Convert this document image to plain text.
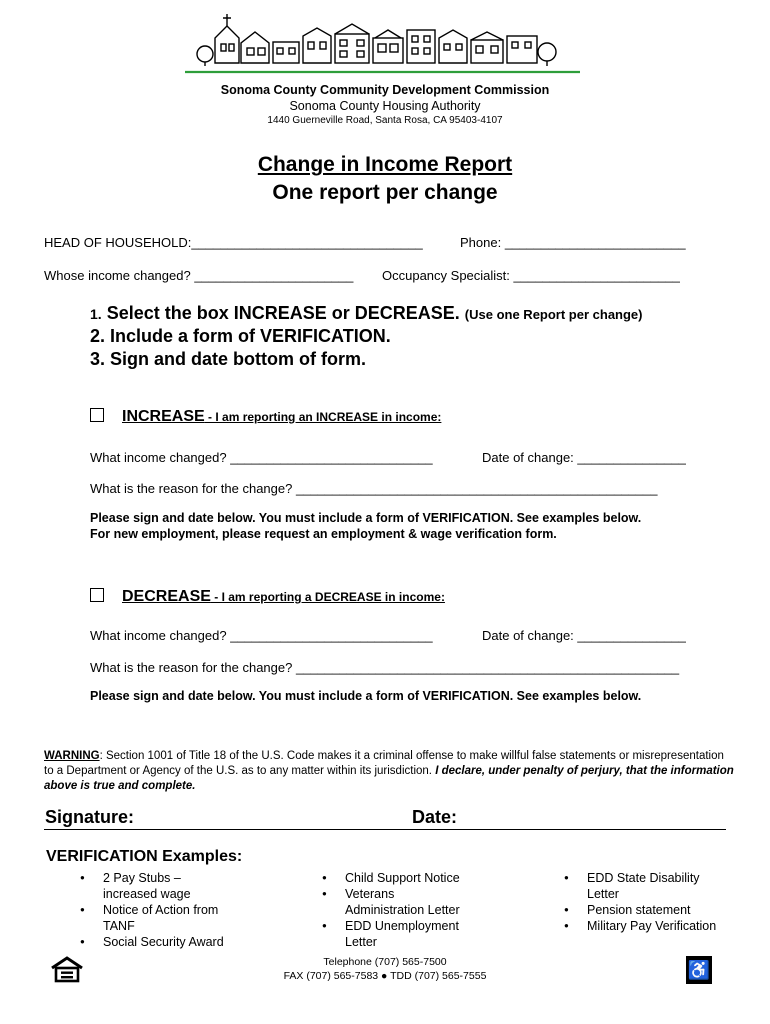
Sonoma County Community Development Commission
Sonoma County Housing Authority
1440 Guerneville Road, Santa Rosa, CA 95403-4107
Change in Income Report
One report per change
HEAD OF HOUSEHOLD:________________________________	Phone: _________________________
Whose income changed? ______________________ Occupancy Specialist: _______________________
1. Select the box INCREASE or DECREASE. (Use one Report per change)
2. Include a form of VERIFICATION.
3. Sign and date bottom of form.
INCREASE - I am reporting an INCREASE in income:
What income changed? ____________________________	Date of change: _______________
What is the reason for the change? __________________________________________________
Please sign and date below. You must include a form of VERIFICATION. See examples below.
For new employment, please request an employment & wage verification form.
DECREASE - I am reporting a DECREASE in income:
What income changed? ____________________________	Date of change: _______________
What is the reason for the change? _____________________________________________________
Please sign and date below. You must include a form of VERIFICATION. See examples below.
WARNING: Section 1001 of Title 18 of the U.S. Code makes it a criminal offense to make willful false statements or misrepresentation to a Department or Agency of the U.S. as to any matter within its jurisdiction. I declare, under penalty of perjury, that the information above is true and complete.
Signature:	Date:
VERIFICATION Examples:
● 2 Pay Stubs – increased wage
● Notice of Action from TANF
● Social Security Award
● Child Support Notice
● Veterans Administration Letter
● EDD Unemployment Letter
● EDD State Disability Letter
● Pension statement
● Military Pay Verification
Telephone (707) 565-7500
FAX (707) 565-7583 ● TDD (707) 565-7555	♿
